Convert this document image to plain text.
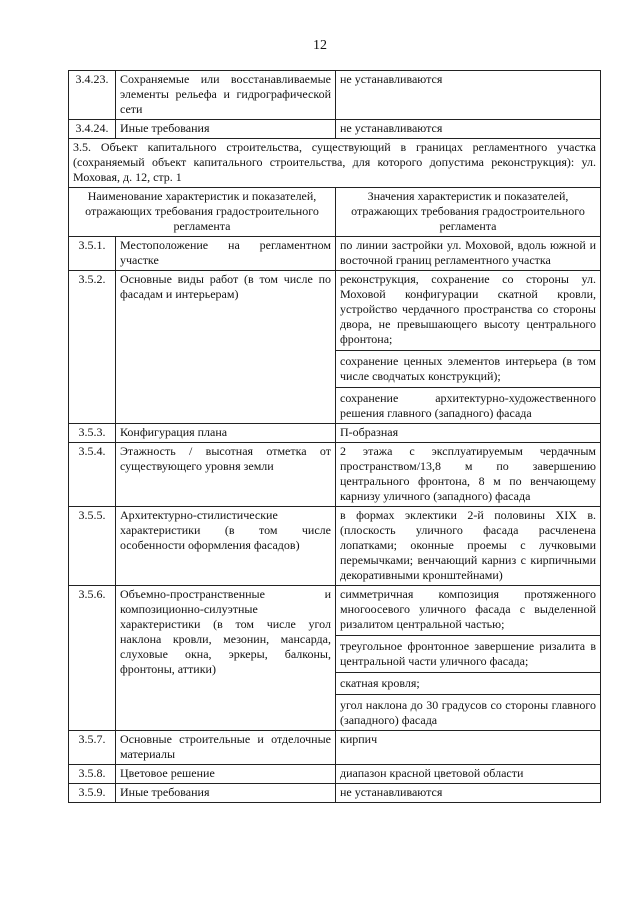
12
3.4.23.	Сохраняемые или восстанавливаемые элементы рельефа и гидрографической сети	не устанавливаются
3.4.24.	Иные требования	не устанавливаются
3.5. Объект капитального строительства, существующий в границах регламентного участка (сохраняемый объект капитального строительства, для которого допустима реконструкция): ул. Моховая, д. 12, стр. 1		
Наименование характеристик и показателей, отражающих требования градостроительного регламента		Значения характеристик и показателей, отражающих требования градостроительного регламента
3.5.1.	Местоположение на регламентном участке	по линии застройки ул. Моховой, вдоль южной и восточной границ регламентного участка

3.5.2.	Основные виды работ (в том числе по фасадам и интерьерам)	реконструкция, сохранение со стороны ул. Моховой конфигурации скатной кровли, устройство чердачного пространства со стороны двора, не превышающего высоту центрального фронтона;
сохранение ценных элементов интерьера (в том числе сводчатых конструкций);
сохранение архитектурно-художественного решения главного (западного) фасада

3.5.3.	Конфигурация плана	П-образная

3.5.4.	Этажность / высотная отметка от существующего уровня земли	2 этажа с эксплуатируемым чердачным пространством/13,8 м по завершению центрального фронтона, 8 м по венчающему карнизу уличного (западного) фасада

3.5.5.	Архитектурно-стилистические характеристики (в том числе особенности оформления фасадов)	в формах эклектики 2-й половины XIX в. (плоскость уличного фасада расчленена лопатками; оконные проемы с лучковыми перемычками; венчающий карниз с кирпичными декоративными кронштейнами)

3.5.6.	Объемно-пространственные и композиционно-силуэтные характеристики (в том числе угол наклона кровли, мезонин, мансарда, слуховые окна, эркеры, балконы, фронтоны, аттики)	симметричная композиция протяженного многоосевого уличного фасада с выделенной ризалитом центральной частью;
треугольное фронтонное завершение ризалита в центральной части уличного фасада;
скатная кровля;
угол наклона до 30 градусов со стороны главного (западного) фасада

3.5.7.	Основные строительные и отделочные материалы	кирпич

3.5.8.	Цветовое решение	диапазон красной цветовой области

3.5.9.	Иные требования	не устанавливаются
